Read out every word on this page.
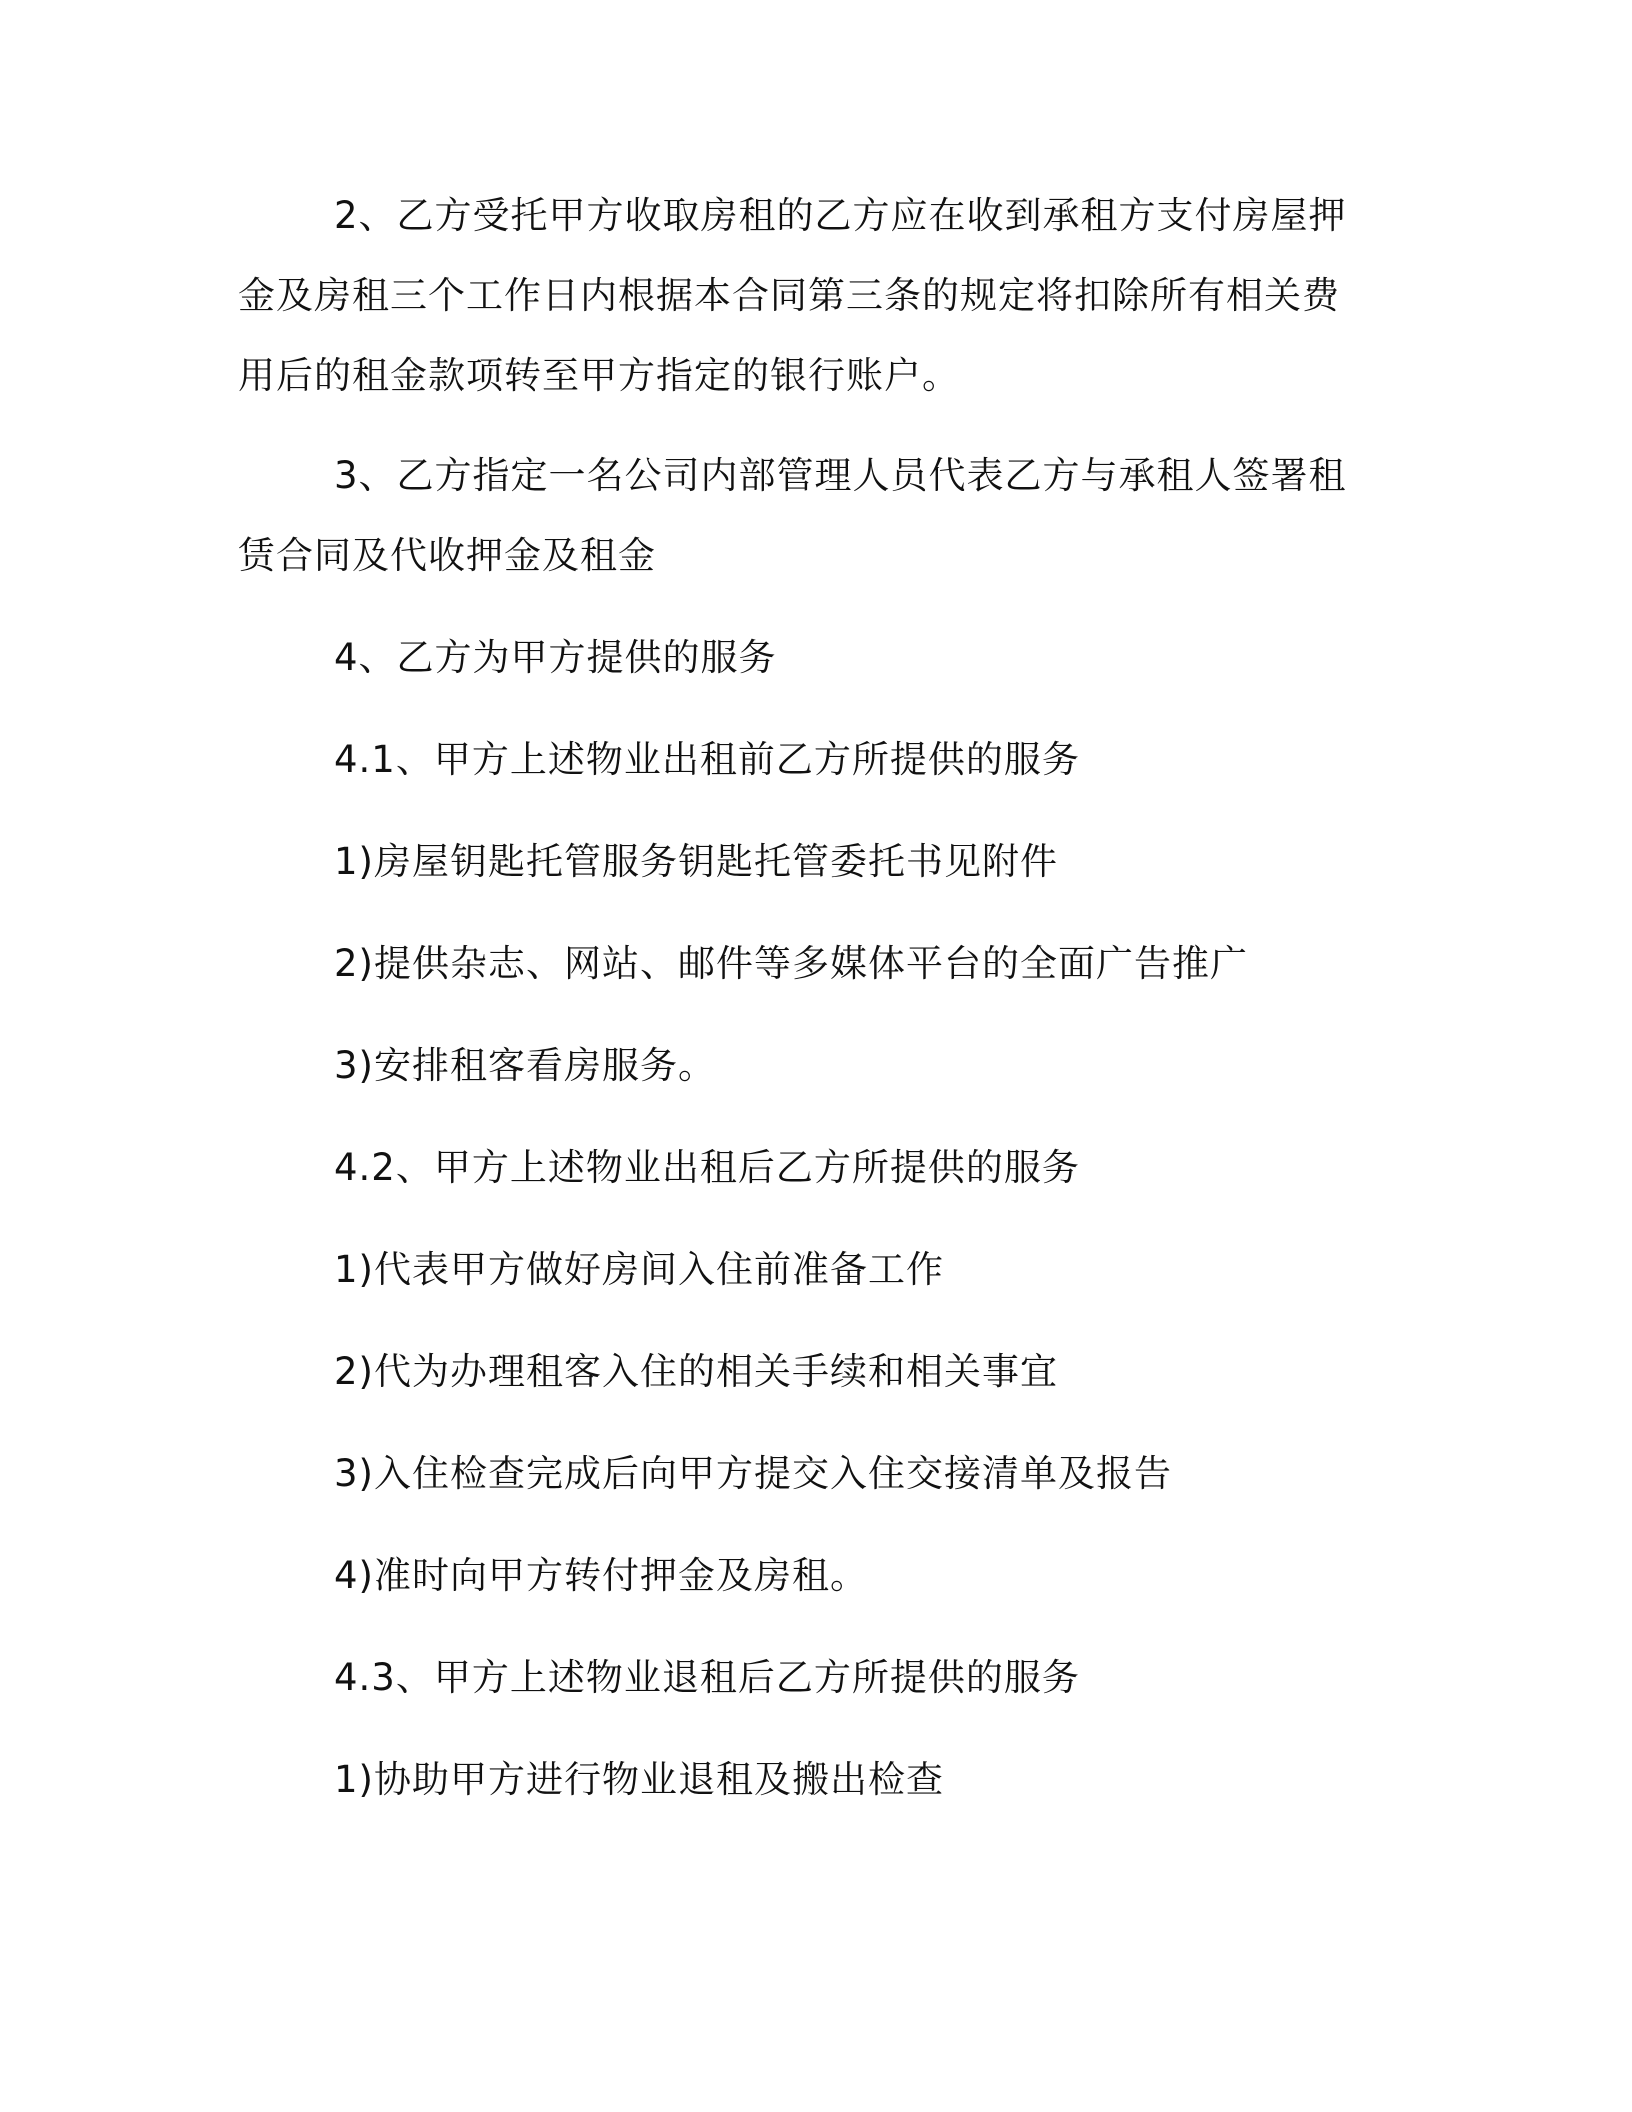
2、乙方受托甲方收取房租的乙方应在收到承租方支付房屋押金及房租三个工作日内根据本合同第三条的规定将扣除所有相关费用后的租金款项转至甲方指定的银行账户。

3、乙方指定一名公司内部管理人员代表乙方与承租人签署租赁合同及代收押金及租金

4、乙方为甲方提供的服务

4.1、甲方上述物业出租前乙方所提供的服务

1)房屋钥匙托管服务钥匙托管委托书见附件

2)提供杂志、网站、邮件等多媒体平台的全面广告推广

3)安排租客看房服务。

4.2、甲方上述物业出租后乙方所提供的服务

1)代表甲方做好房间入住前准备工作

2)代为办理租客入住的相关手续和相关事宜

3)入住检查完成后向甲方提交入住交接清单及报告

4)准时向甲方转付押金及房租。

4.3、甲方上述物业退租后乙方所提供的服务

1)协助甲方进行物业退租及搬出检查
